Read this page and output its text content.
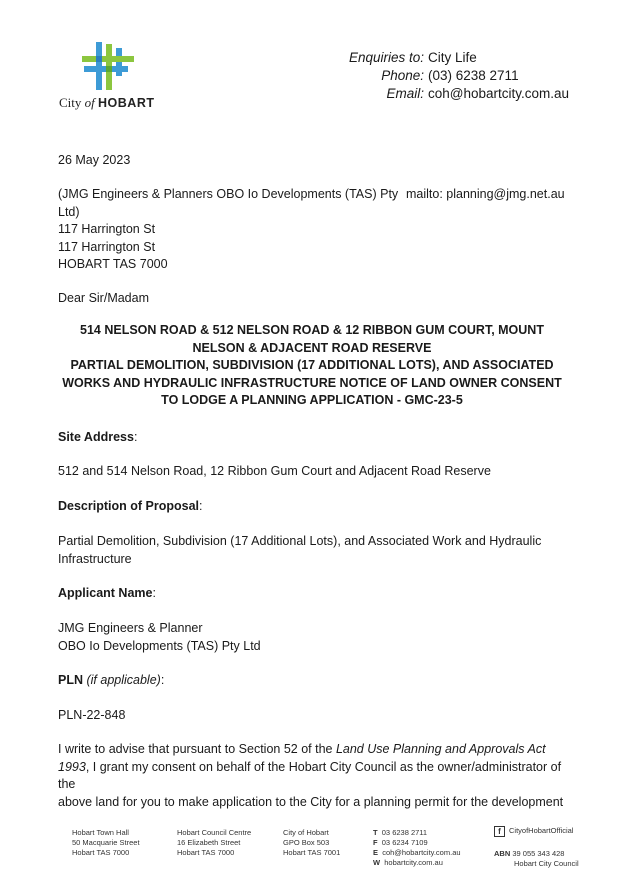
City of HOBART
Enquiries to:
Phone:
Email:
City Life
(03) 6238 2711
coh@hobartcity.com.au
26 May 2023
(JMG Engineers & Planners OBO Io Developments (TAS) Pty
Ltd)
117 Harrington St
117 Harrington St
HOBART TAS 7000
mailto: planning@jmg.net.au
Dear Sir/Madam
514 NELSON ROAD & 512 NELSON ROAD & 12 RIBBON GUM COURT, MOUNT
NELSON & ADJACENT ROAD RESERVE
PARTIAL DEMOLITION, SUBDIVISION (17 ADDITIONAL LOTS), AND ASSOCIATED
WORKS AND HYDRAULIC INFRASTRUCTURE NOTICE OF LAND OWNER CONSENT
TO LODGE A PLANNING APPLICATION - GMC-23-5
Site Address:
512 and 514 Nelson Road, 12 Ribbon Gum Court and Adjacent Road Reserve
Description of Proposal:
Partial Demolition, Subdivision (17 Additional Lots), and Associated Work and Hydraulic
Infrastructure
Applicant Name:
JMG Engineers & Planner
OBO Io Developments (TAS) Pty Ltd
PLN (if applicable):
PLN-22-848
I write to advise that pursuant to Section 52 of the Land Use Planning and Approvals Act
1993, I grant my consent on behalf of the Hobart City Council as the owner/administrator of the
above land for you to make application to the City for a planning permit for the development
Hobart Town Hall
50 Macquarie Street
Hobart TAS 7000
Hobart Council Centre
16 Elizabeth Street
Hobart TAS 7000
City of Hobart
GPO Box 503
Hobart TAS 7001
T 03 6238 2711
F 03 6234 7109
E coh@hobartcity.com.au
W hobartcity.com.au
f CityofHobartOfficial
ABN 39 055 343 428
Hobart City Council
